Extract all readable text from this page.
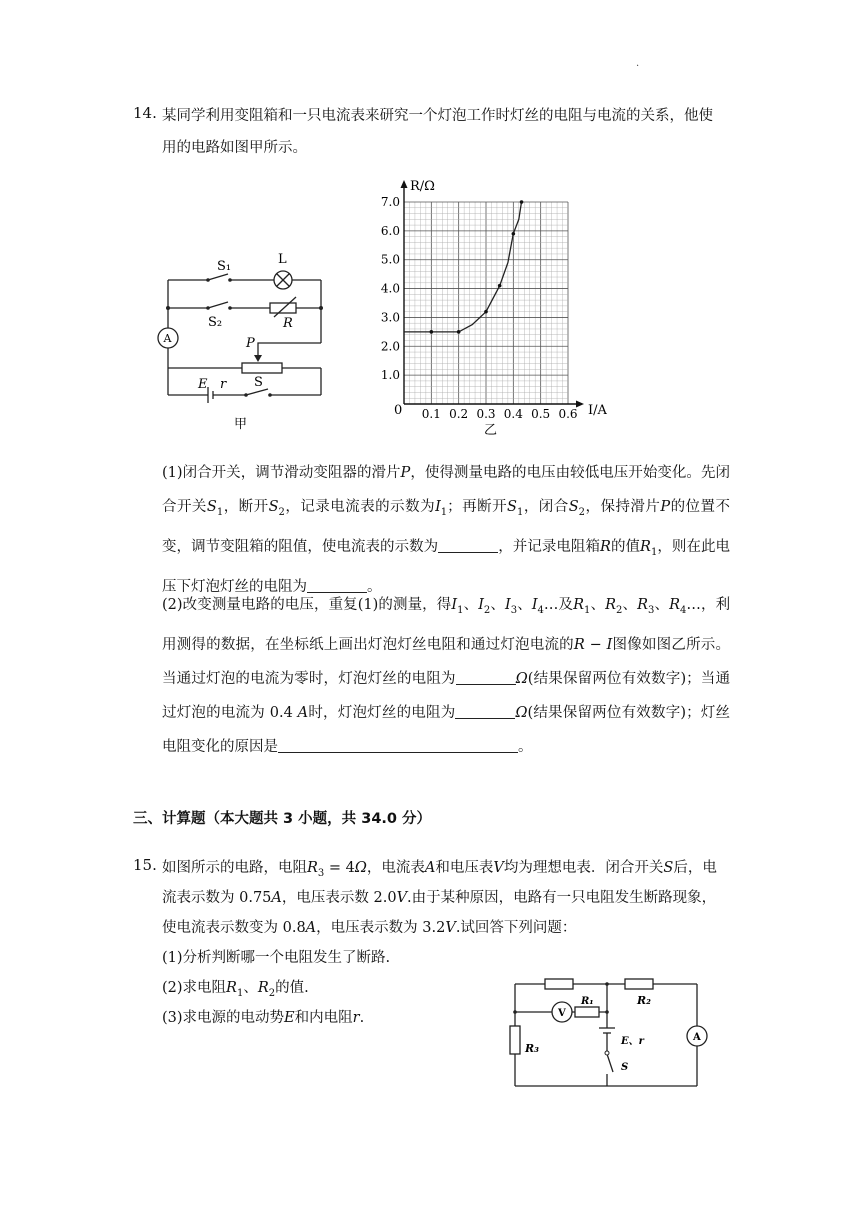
.
14. 某同学利用变阻箱和一只电流表来研究一个灯泡工作时灯丝的电阻与电流的关系，他使
用的电路如图甲所示。
S₁	L
S₂	R
A	P
E r S
甲
1.0
2.0
3.0
4.0
5.0
6.0
7.0
0.1 0.2 0.3 0.4 0.5 0.6
R/Ω
I/A
0
乙
(1)闭合开关，调节滑动变阻器的滑片P，使得测量电路的电压由较低电压开始变化。先闭合开关$S_1$，断开$S_2$，记录电流表的示数为$I_1$；再断开$S_1$，闭合$S_2$，保持滑片P的位置不变，调节变阻箱的阻值，使电流表的示数为	，并记录电阻箱R的值$R_1$，则在此电压下灯泡灯丝的电阻为	。
(2)改变测量电路的电压，重复(1)的测量，得$I_1$、$I_2$、$I_3$、$I_4\dots$及$R_1$、$R_2$、$R_3$、$R_4\dots$，利用测得的数据，在坐标纸上画出灯泡灯丝电阻和通过灯泡电流的R − I图像如图乙所示。当通过灯泡的电流为零时，灯泡灯丝的电阻为	Ω(结果保留两位有效数字)；当通过灯泡的电流为 0.4 A时，灯泡灯丝的电阻为	Ω(结果保留两位有效数字)；灯丝电阻变化的原因是	。
三、计算题（本大题共 3 小题，共 34.0 分）
15. 如图所示的电路，电阻$R_3 = 4\Omega$，电流表A和电压表V均为理想电表．闭合开关S后，电
流表示数为 0.75A，电压表示数 2.0V.由于某种原因，电路有一只电阻发生断路现象，
使电流表示数变为 0.8A，电压表示数为 3.2V.试回答下列问题：
(1)分析判断哪一个电阻发生了断路.
(2)求电阻$R_1$、$R_2$的值.
(3)求电源的电动势E和内电阻r.
R₁	R₂
R₃
V
A
E、r
S
